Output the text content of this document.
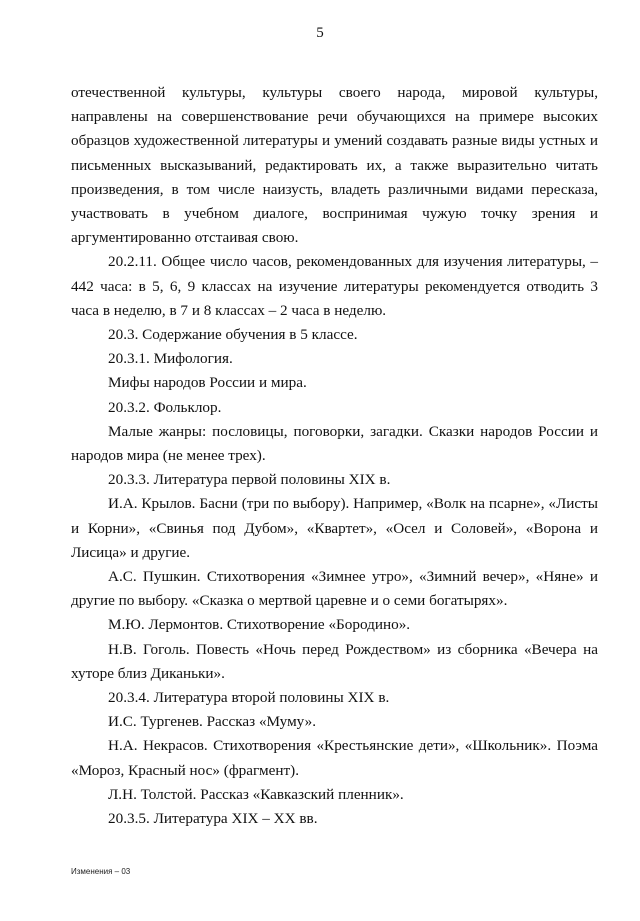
5

отечественной культуры, культуры своего народа, мировой культуры, направлены на совершенствование речи обучающихся на примере высоких образцов художественной литературы и умений создавать разные виды устных и письменных высказываний, редактировать их, а также выразительно читать произведения, в том числе наизусть, владеть различными видами пересказа, участвовать в учебном диалоге, воспринимая чужую точку зрения и аргументированно отстаивая свою.

20.2.11. Общее число часов, рекомендованных для изучения литературы, – 442 часа: в 5, 6, 9 классах на изучение литературы рекомендуется отводить 3 часа в неделю, в 7 и 8 классах – 2 часа в неделю.

20.3. Содержание обучения в 5 классе.

20.3.1. Мифология.

Мифы народов России и мира.

20.3.2. Фольклор.

Малые жанры: пословицы, поговорки, загадки. Сказки народов России и народов мира (не менее трех).

20.3.3. Литература первой половины XIX в.

И.А. Крылов. Басни (три по выбору). Например, «Волк на псарне», «Листы и Корни», «Свинья под Дубом», «Квартет», «Осел и Соловей», «Ворона и Лисица» и другие.

А.С. Пушкин. Стихотворения «Зимнее утро», «Зимний вечер», «Няне» и другие по выбору. «Сказка о мертвой царевне и о семи богатырях».

М.Ю. Лермонтов. Стихотворение «Бородино».

Н.В. Гоголь. Повесть «Ночь перед Рождеством» из сборника «Вечера на хуторе близ Диканьки».

20.3.4. Литература второй половины XIX в.

И.С. Тургенев. Рассказ «Муму».

Н.А. Некрасов. Стихотворения «Крестьянские дети», «Школьник». Поэма «Мороз, Красный нос» (фрагмент).

Л.Н. Толстой. Рассказ «Кавказский пленник».

20.3.5. Литература XIX – XX вв.

Изменения – 03
